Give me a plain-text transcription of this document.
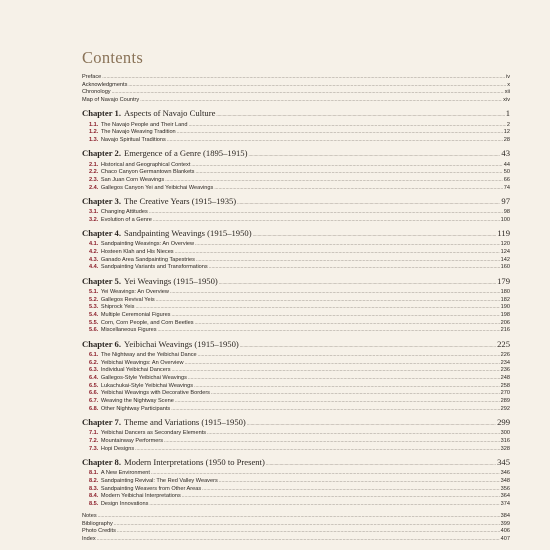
Contents
Preface .....	iv
Acknowledgments .....	x
Chronology .....	xii
Map of Navajo Country .....	xiv
Chapter 1. Aspects of Navajo Culture .....	1
1.1. The Navajo People and Their Land .....	2
1.2. The Navajo Weaving Tradition .....	12
1.3. Navajo Spiritual Traditions .....	28
Chapter 2. Emergence of a Genre (1895–1915) .....	43
2.1. Historical and Geographical Context .....	44
2.2. Chaco Canyon Germantown Blankets .....	50
2.3. San Juan Corn Weavings .....	66
2.4. Gallegos Canyon Yei and Yeibichai Weavings .....	74
Chapter 3. The Creative Years (1915–1935) .....	97
3.1. Changing Attitudes .....	98
3.2. Evolution of a Genre .....	100
Chapter 4. Sandpainting Weavings (1915–1950) .....	119
4.1. Sandpainting Weavings: An Overview .....	120
4.2. Hosteen Klah and His Nieces .....	124
4.3. Ganado Area Sandpainting Tapestries .....	142
4.4. Sandpainting Variants and Transformations .....	160
Chapter 5. Yei Weavings (1915–1950) .....	179
5.1. Yei Weavings: An Overview .....	180
5.2. Gallegos Revival Yeis .....	182
5.3. Shiprock Yeis .....	190
5.4. Multiple Ceremonial Figures .....	198
5.5. Corn, Corn People, and Corn Beetles .....	206
5.6. Miscellaneous Figures .....	216
Chapter 6. Yeibichai Weavings (1915–1950) .....	225
6.1. The Nightway and the Yeibichai Dance .....	226
6.2. Yeibichai Weavings: An Overview .....	234
6.3. Individual Yeibichai Dancers .....	236
6.4. Gallegos-Style Yeibichai Weavings .....	248
6.5. Lukachukai-Style Yeibichai Weavings .....	258
6.6. Yeibichai Weavings with Decorative Borders .....	270
6.7. Weaving the Nightway Scene .....	289
6.8. Other Nightway Participants .....	292
Chapter 7. Theme and Variations (1915–1950) .....	299
7.1. Yeibichai Dancers as Secondary Elements .....	300
7.2. Mountainway Performers .....	316
7.3. Hopi Designs .....	328
Chapter 8. Modern Interpretations (1950 to Present) .....	345
8.1. A New Environment .....	346
8.2. Sandpainting Revival: The Red Valley Weavers .....	348
8.3. Sandpainting Weavers from Other Areas .....	356
8.4. Modern Yeibichai Interpretations .....	364
8.5. Design Innovations .....	374
Notes .....	384
Bibliography .....	399
Photo Credits .....	406
Index .....	407
